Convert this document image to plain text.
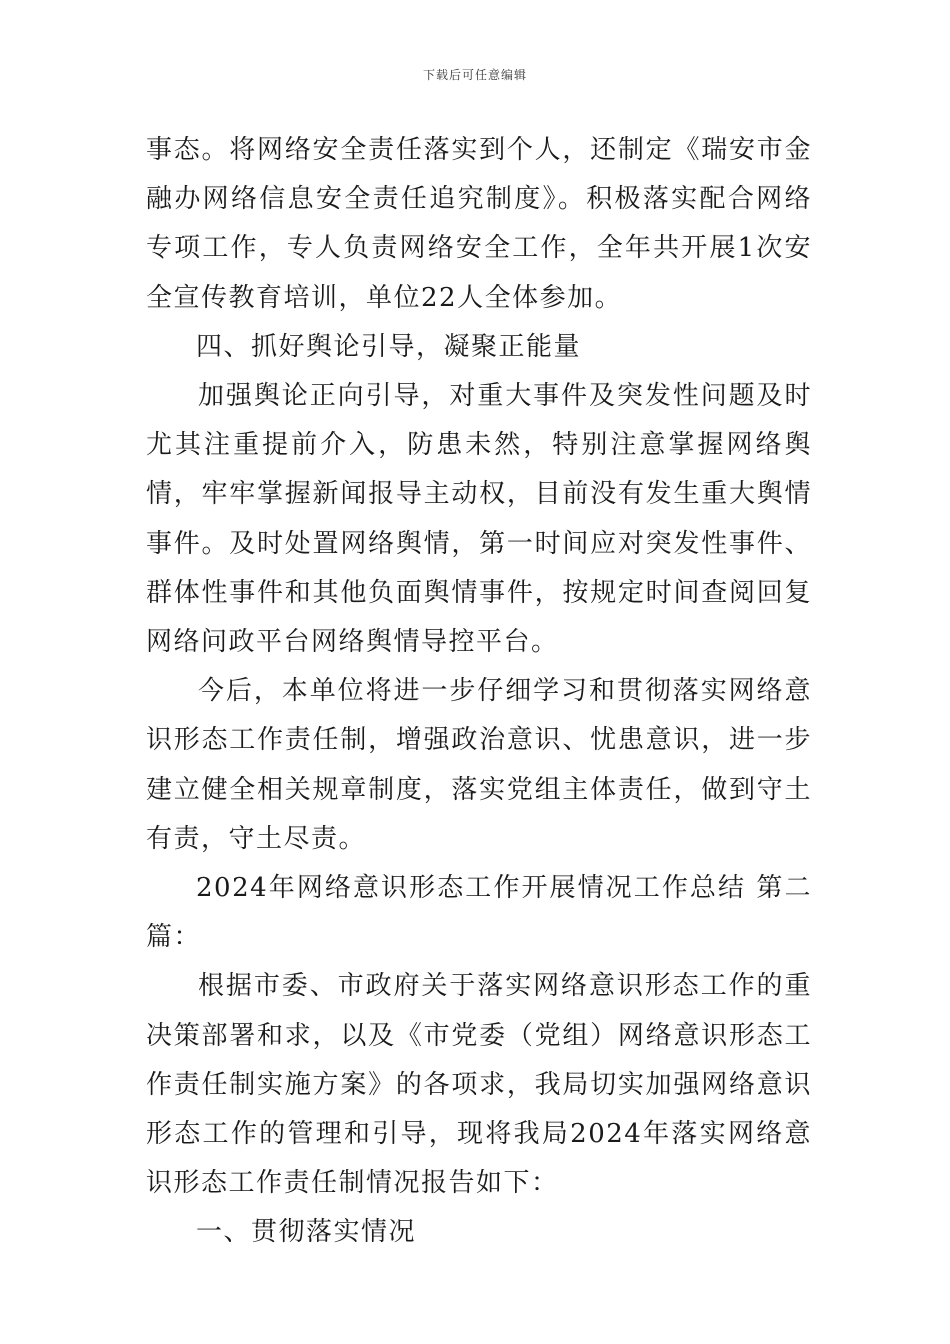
下载后可任意编辑

事态。将网络安全责任落实到个人，还制定《瑞安市金融办网络信息安全责任追究制度》。积极落实配合网络专项工作，专人负责网络安全工作，全年共开展1次安全宣传教育培训，单位22人全体参加。

四、抓好舆论引导，凝聚正能量

加强舆论正向引导，对重大事件及突发性问题及时尤其注重提前介入，防患未然，特别注意掌握网络舆情，牢牢掌握新闻报导主动权，目前没有发生重大舆情事件。及时处置网络舆情，第一时间应对突发性事件、群体性事件和其他负面舆情事件，按规定时间查阅回复网络问政平台网络舆情导控平台。

今后，本单位将进一步仔细学习和贯彻落实网络意识形态工作责任制，增强政治意识、忧患意识，进一步建立健全相关规章制度，落实党组主体责任，做到守土有责，守土尽责。

2024年网络意识形态工作开展情况工作总结 第二篇：

根据市委、市政府关于落实网络意识形态工作的重决策部署和求，以及《市党委（党组）网络意识形态工作责任制实施方案》的各项求，我局切实加强网络意识形态工作的管理和引导，现将我局2024年落实网络意识形态工作责任制情况报告如下：

一、贯彻落实情况
